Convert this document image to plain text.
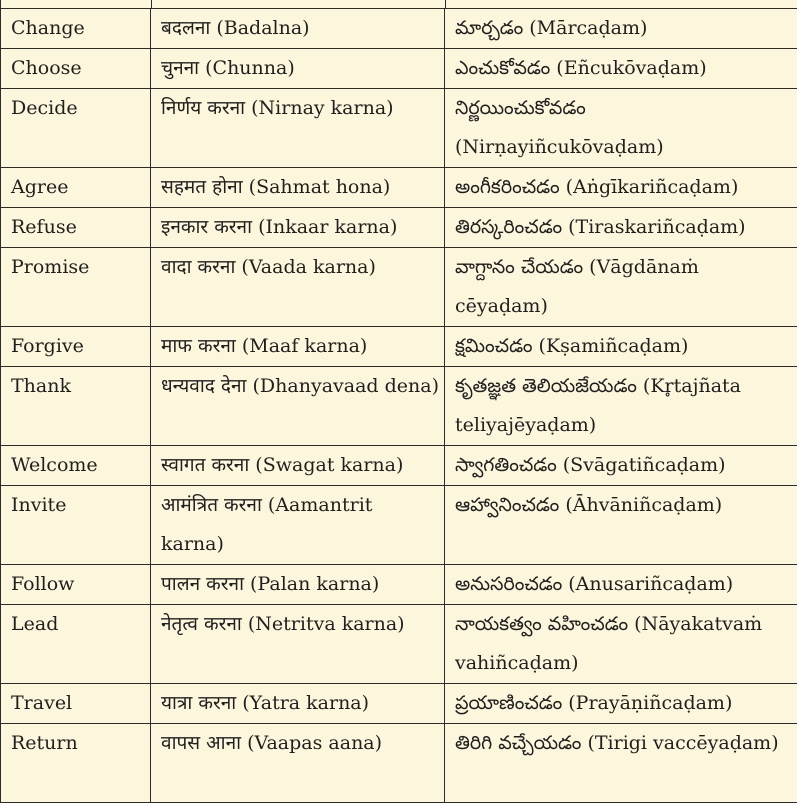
Change	बदलना (Badalna)	మార్చడం (Mārcaḍam)
Choose	चुनना (Chunna)	ఎంచుకోవడం (Eñcukōvaḍam)
Decide	निर्णय करना (Nirnay karna)	నిర్ణయించుకోవడం (Nirṇayiñcukōvaḍam)
Agree	सहमत होना (Sahmat hona)	అంగీకరించడం (Aṅgīkariñcaḍam)
Refuse	इनकार करना (Inkaar karna)	తిరస్కరించడం (Tiraskariñcaḍam)
Promise	वादा करना (Vaada karna)	వాగ్దానం చేయడం (Vāgdānaṁ cēyaḍam)
Forgive	माफ करना (Maaf karna)	క్షమించడం (Kṣamiñcaḍam)
Thank	धन्यवाद देना (Dhanyavaad dena)	కృతజ్ఞత తెలియజేయడం (Kr̥tajñata teliyajēyaḍam)
Welcome	स्वागत करना (Swagat karna)	స్వాగతించడం (Svāgatiñcaḍam)
Invite	आमंत्रित करना (Aamantrit karna)	ఆహ్వానించడం (Āhvāniñcaḍam)
Follow	पालन करना (Palan karna)	అనుసరించడం (Anusariñcaḍam)
Lead	नेतृत्व करना (Netritva karna)	నాయకత్వం వహించడం (Nāyakatvaṁ vahiñcaḍam)
Travel	यात्रा करना (Yatra karna)	ప్రయాణించడం (Prayāṇiñcaḍam)
Return	वापस आना (Vaapas aana)	తిరిగి వచ్చేయడం (Tirigi vaccēyaḍam)
